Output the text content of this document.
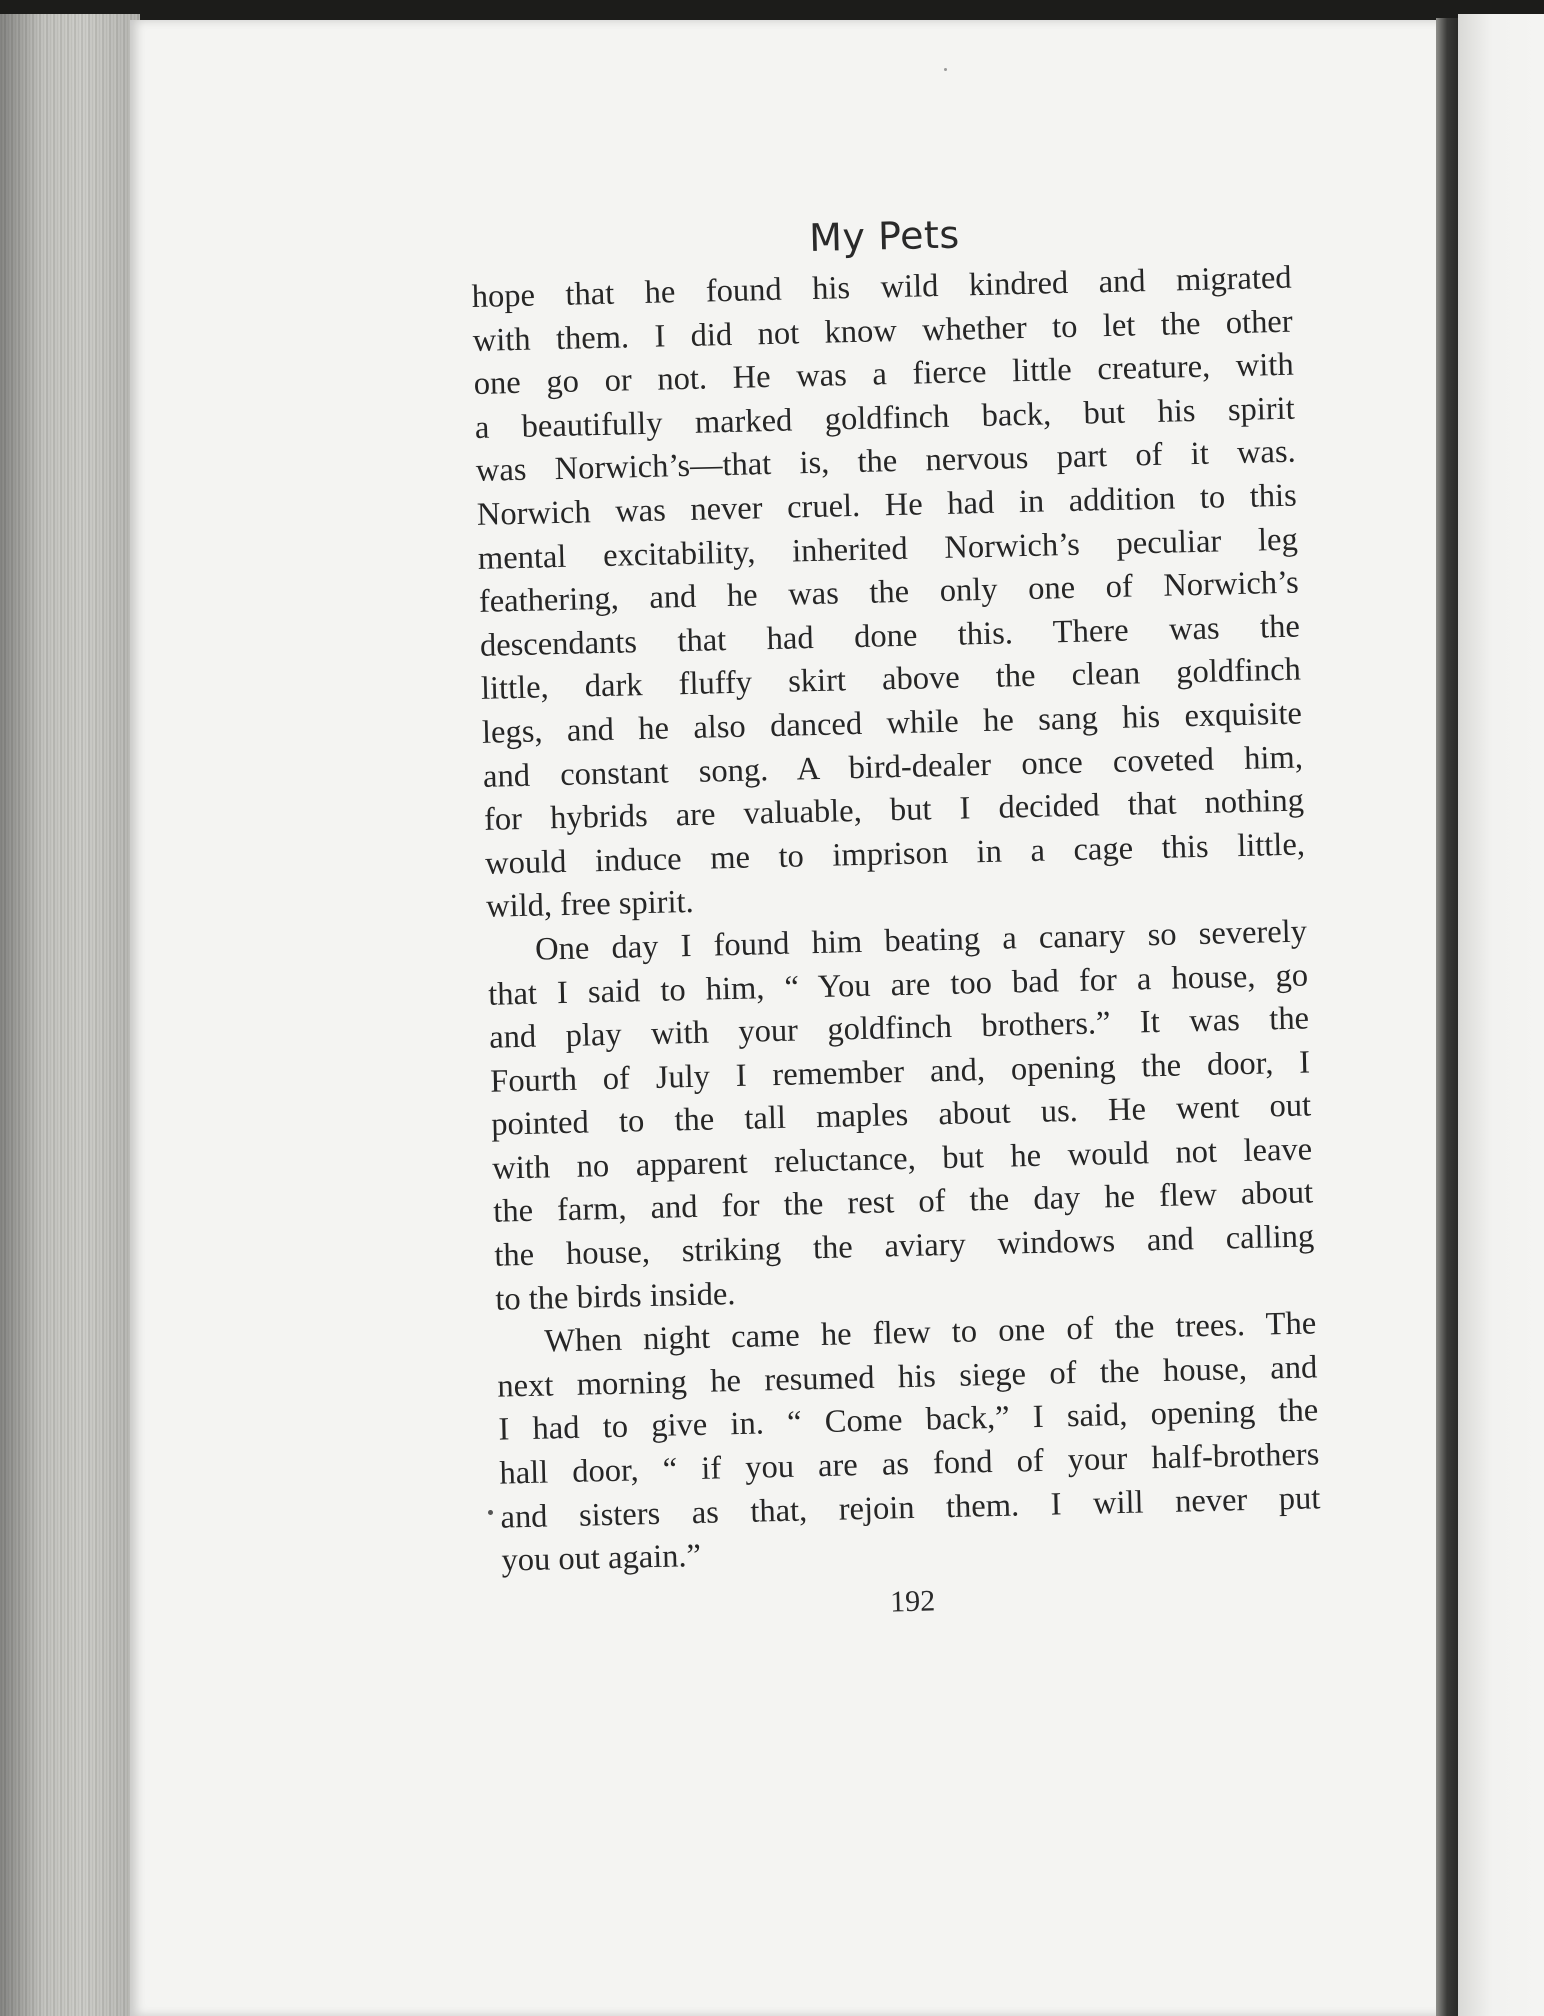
My Pets
hope that he found his wild kindred and migrated
with them. I did not know whether to let the other
one go or not. He was a fierce little creature, with
a beautifully marked goldfinch back, but his spirit
was Norwich’s—that is, the nervous part of it was.
Norwich was never cruel. He had in addition to this
mental excitability, inherited Norwich’s peculiar leg
feathering, and he was the only one of Norwich’s
descendants that had done this. There was the
little, dark fluffy skirt above the clean goldfinch
legs, and he also danced while he sang his exquisite
and constant song. A bird-dealer once coveted him,
for hybrids are valuable, but I decided that nothing
would induce me to imprison in a cage this little,
wild, free spirit.
One day I found him beating a canary so severely
that I said to him, “ You are too bad for a house, go
and play with your goldfinch brothers.” It was the
Fourth of July I remember and, opening the door, I
pointed to the tall maples about us. He went out
with no apparent reluctance, but he would not leave
the farm, and for the rest of the day he flew about
the house, striking the aviary windows and calling
to the birds inside.
When night came he flew to one of the trees. The
next morning he resumed his siege of the house, and
I had to give in. “ Come back,” I said, opening the
hall door, “ if you are as fond of your half-brothers
and sisters as that, rejoin them. I will never put
you out again.”
192
